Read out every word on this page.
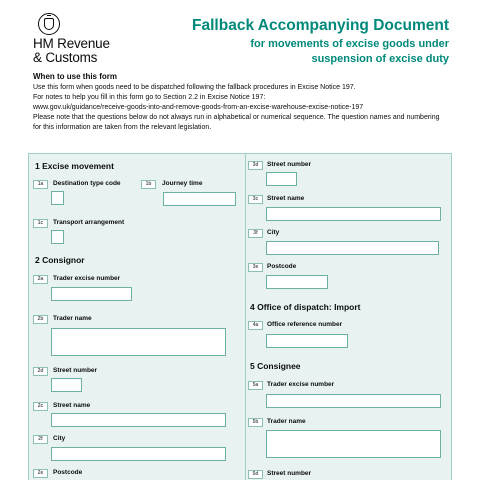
HM Revenue
& Customs
Fallback Accompanying Document
for movements of excise goods under
suspension of excise duty
When to use this form

Use this form when goods need to be dispatched following the fallback procedures in Excise Notice 197.

For notes to help you fill in this form go to Section 2.2 in Excise Notice 197:

www.gov.uk/guidance/receive-goods-into-and-remove-goods-from-an-excise-warehouse-excise-notice-197

Please note that the questions below do not always run in alphabetical or numerical sequence. The question names and numbering for this information are taken from the relevant legislation.

1 Excise movement
1a	Destination type code	1b	Journey time
1c	Transport arrangement
2 Consignor
2a	Trader excise number
2b	Trader name
2d	Street number
2c	Street name
2f	City
2e	Postcode
3d	Street number
3c	Street name
3f	City
3e	Postcode
4 Office of dispatch: Import
4a	Office reference number
5 Consignee
5a	Trader excise number
5b	Trader name
5d	Street number
